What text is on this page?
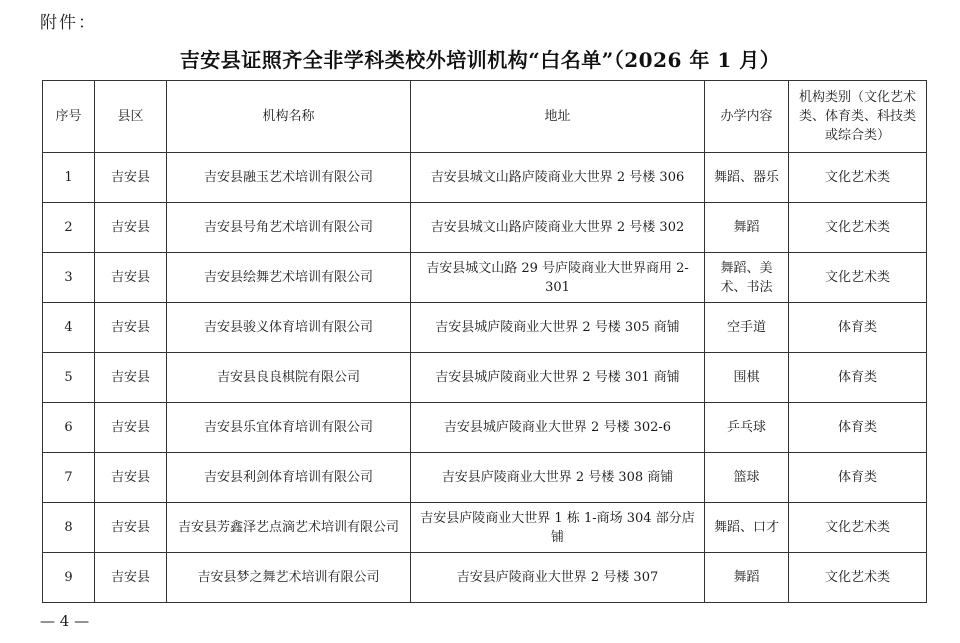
附件：
吉安县证照齐全非学科类校外培训机构“白名单”（2026 年 1 月）
序号	县区	机构名称	地址	办学内容	机构类别（文化艺术类、体育类、科技类或综合类）
1	吉安县	吉安县融玉艺术培训有限公司	吉安县城文山路庐陵商业大世界 2 号楼 306	舞蹈、器乐	文化艺术类
2	吉安县	吉安县号角艺术培训有限公司	吉安县城文山路庐陵商业大世界 2 号楼 302	舞蹈	文化艺术类
3	吉安县	吉安县绘舞艺术培训有限公司	吉安县城文山路 29 号庐陵商业大世界商用 2-301	舞蹈、美术、书法	文化艺术类
4	吉安县	吉安县骏义体育培训有限公司	吉安县城庐陵商业大世界 2 号楼 305 商铺	空手道	体育类
5	吉安县	吉安县良良棋院有限公司	吉安县城庐陵商业大世界 2 号楼 301 商铺	围棋	体育类
6	吉安县	吉安县乐宜体育培训有限公司	吉安县城庐陵商业大世界 2 号楼 302-6	乒乓球	体育类
7	吉安县	吉安县利剑体育培训有限公司	吉安县庐陵商业大世界 2 号楼 308 商铺	篮球	体育类
8	吉安县	吉安县芳鑫泽艺点滴艺术培训有限公司	吉安县庐陵商业大世界 1 栋 1-商场 304 部分店铺	舞蹈、口才	文化艺术类
9	吉安县	吉安县梦之舞艺术培训有限公司	吉安县庐陵商业大世界 2 号楼 307	舞蹈	文化艺术类
— 4 —
